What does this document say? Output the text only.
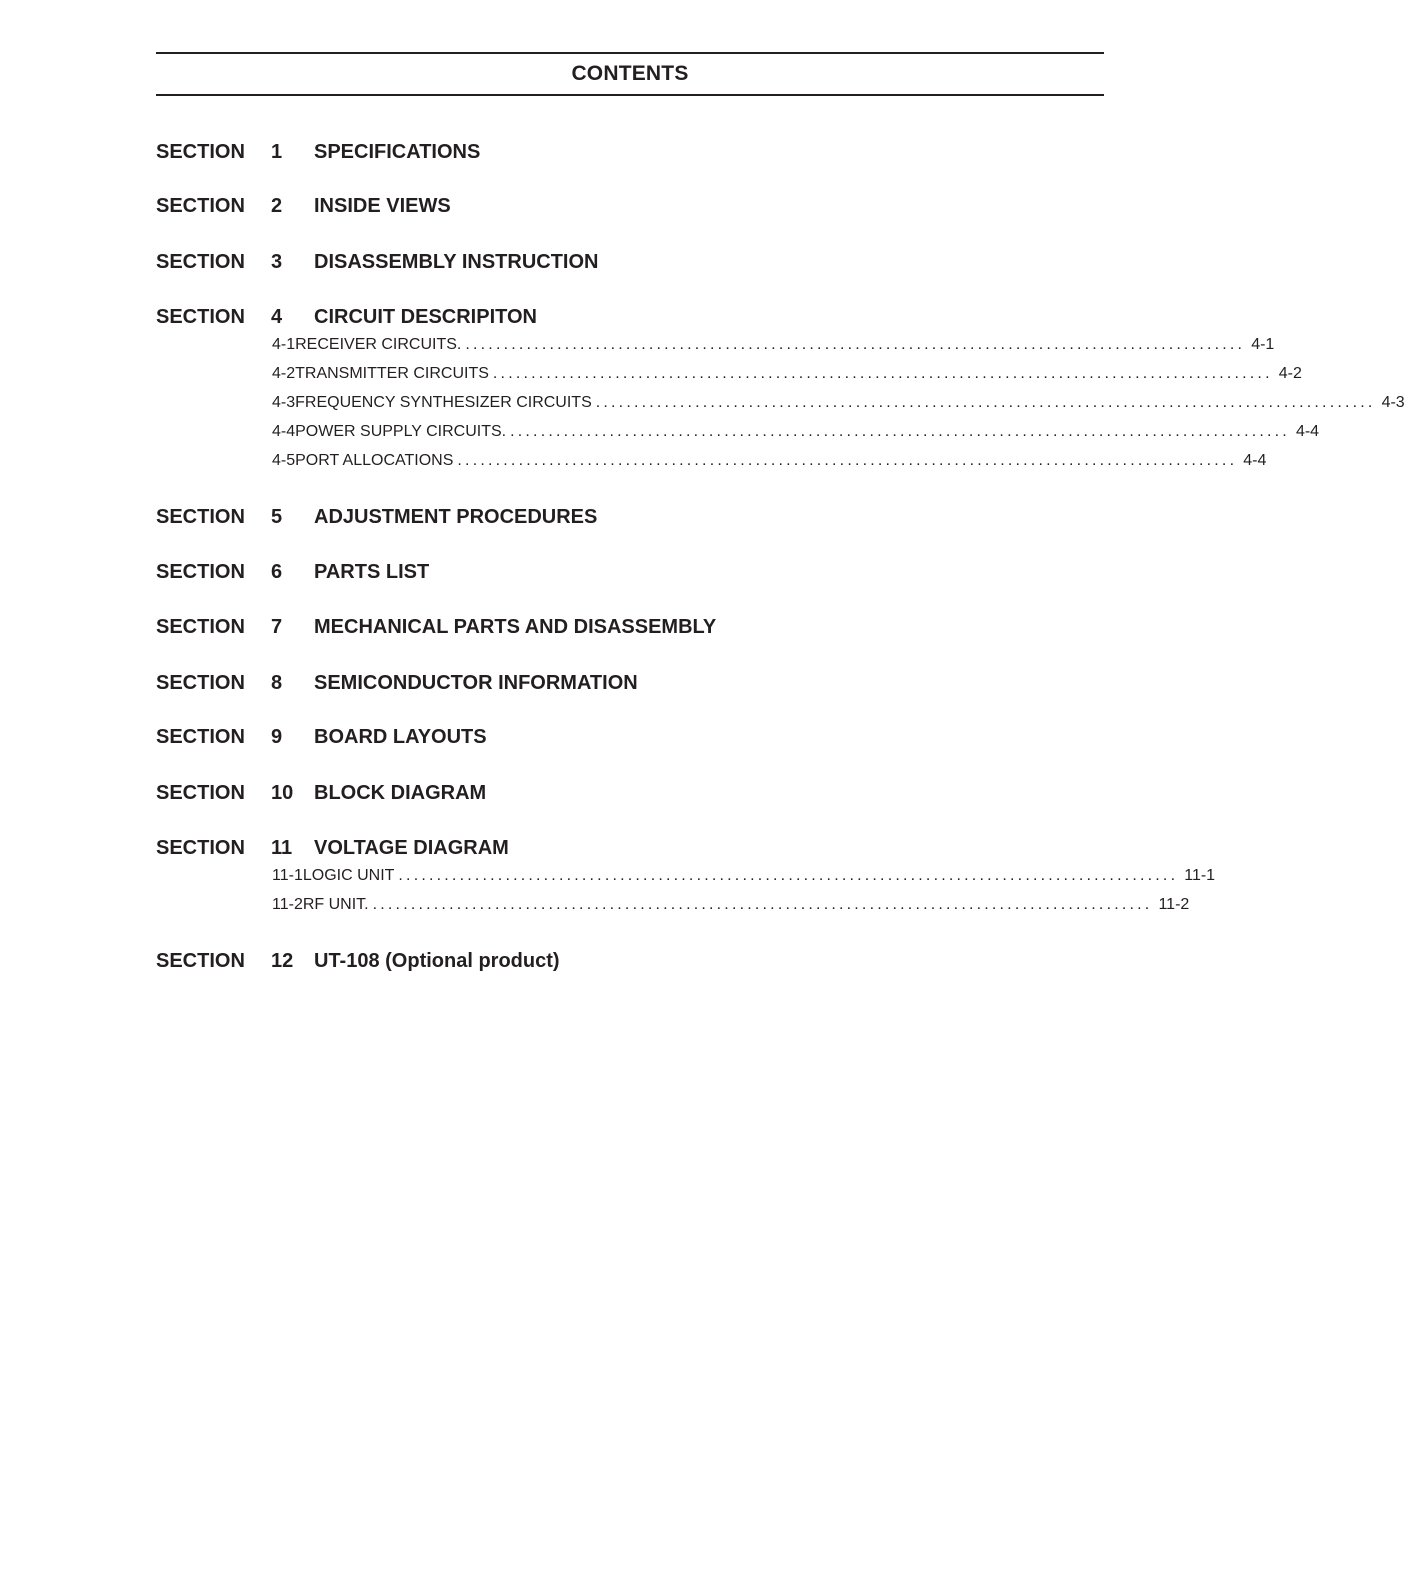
CONTENTS
SECTION	1	SPECIFICATIONS
SECTION	2	INSIDE VIEWS
SECTION	3	DISASSEMBLY INSTRUCTION
SECTION	4	CIRCUIT DESCRIPITON
4-1 RECEIVER CIRCUITS. ...................................................................................................... 4-1
4-2 TRANSMITTER CIRCUITS ...................................................................................................... 4-2
4-3 FREQUENCY SYNTHESIZER CIRCUITS ...................................................................................................... 4-3
4-4 POWER SUPPLY CIRCUITS. ...................................................................................................... 4-4
4-5 PORT ALLOCATIONS ...................................................................................................... 4-4
SECTION	5	ADJUSTMENT PROCEDURES
SECTION	6	PARTS LIST
SECTION	7	MECHANICAL PARTS AND DISASSEMBLY
SECTION	8	SEMICONDUCTOR INFORMATION
SECTION	9	BOARD LAYOUTS
SECTION	10	BLOCK DIAGRAM
SECTION	11	VOLTAGE DIAGRAM
11-1 LOGIC UNIT ...................................................................................................... 11-1
11-2 RF UNIT. ...................................................................................................... 11-2
SECTION	12	UT-108 (Optional product)
